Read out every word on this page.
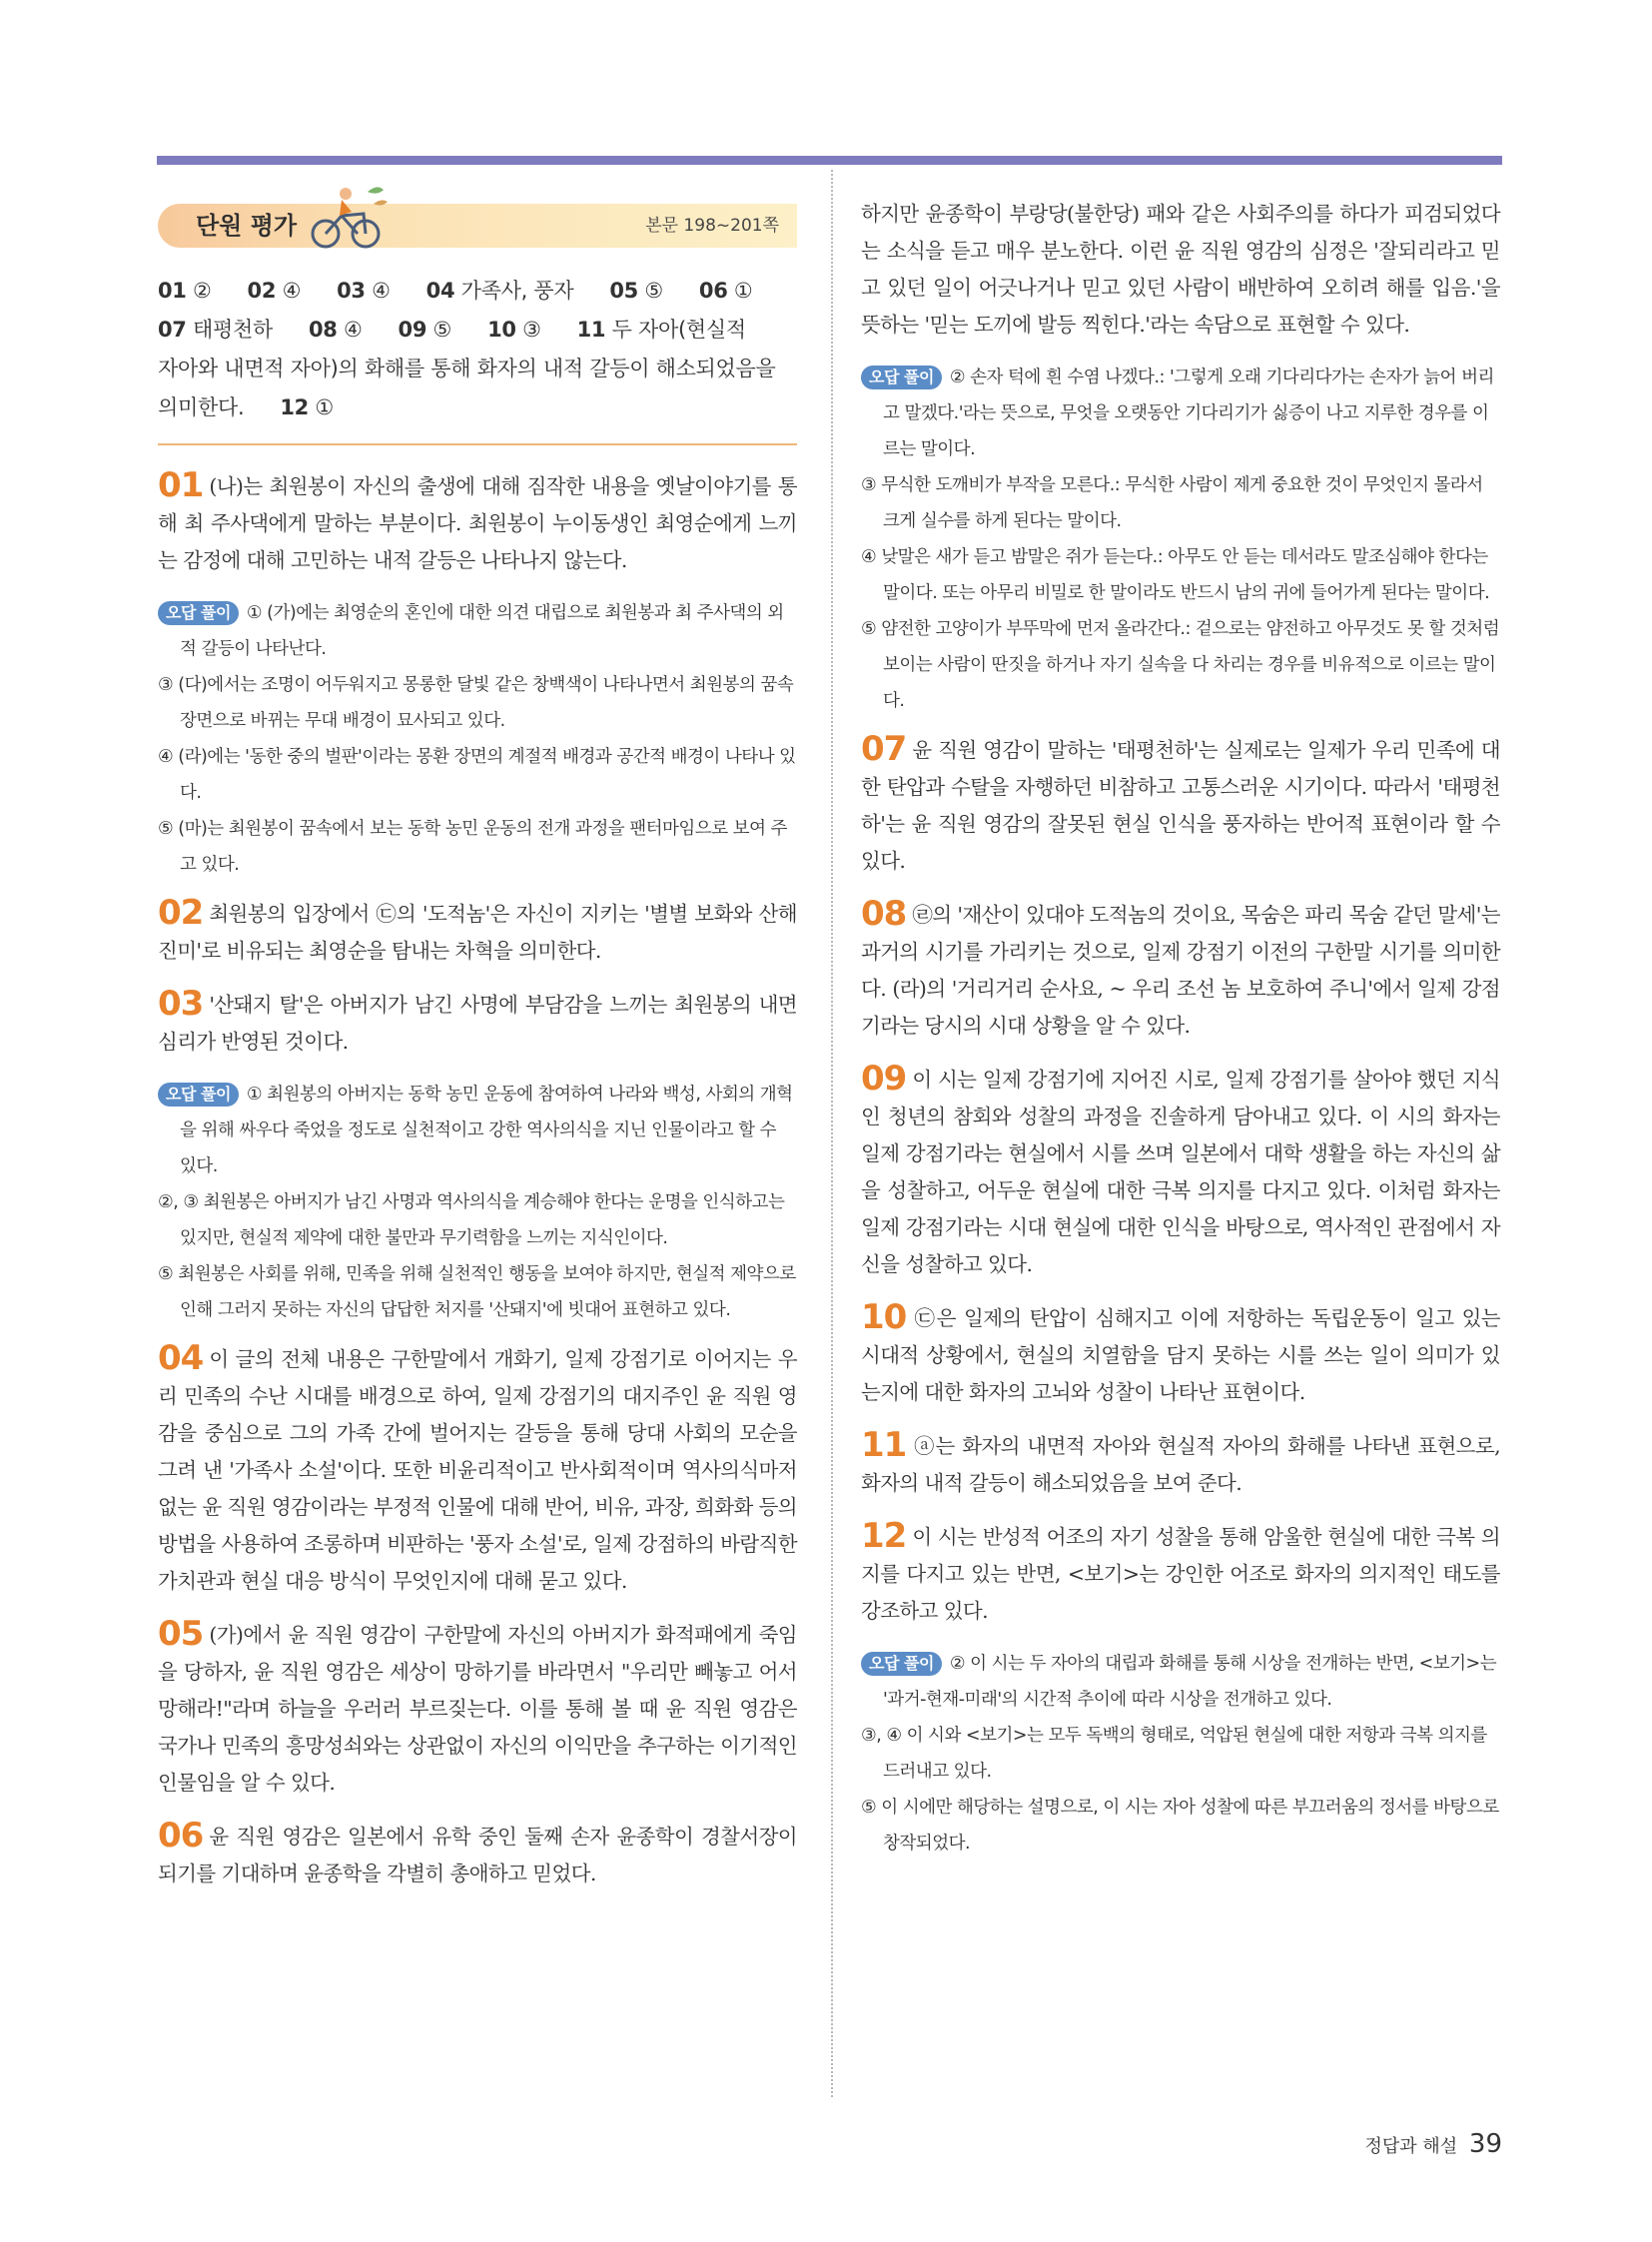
단원 평가	본문 198~201쪽
01 ② 02 ④ 03 ④ 04 가족사, 풍자 05 ⑤ 06 ①
07 태평천하 08 ④ 09 ⑤ 10 ③ 11 두 자아(현실적
자아와 내면적 자아)의 화해를 통해 화자의 내적 갈등이 해소되었음을
의미한다. 12 ①
01 (나)는 최원봉이 자신의 출생에 대해 짐작한 내용을 옛날이야기를 통해 최 주사댁에게 말하는 부분이다. 최원봉이 누이동생인 최영순에게 느끼는 감정에 대해 고민하는 내적 갈등은 나타나지 않는다.
오답 풀이 ① (가)에는 최영순의 혼인에 대한 의견 대립으로 최원봉과 최 주사댁의 외적 갈등이 나타난다.
③ (다)에서는 조명이 어두워지고 몽롱한 달빛 같은 창백색이 나타나면서 최원봉의 꿈속 장면으로 바뀌는 무대 배경이 묘사되고 있다.
④ (라)에는 '동한 중의 벌판'이라는 몽환 장면의 계절적 배경과 공간적 배경이 나타나 있다.
⑤ (마)는 최원봉이 꿈속에서 보는 동학 농민 운동의 전개 과정을 팬터마임으로 보여 주고 있다.
02 최원봉의 입장에서 ㉢의 '도적놈'은 자신이 지키는 '별별 보화와 산해진미'로 비유되는 최영순을 탐내는 차혁을 의미한다.
03 '산돼지 탈'은 아버지가 남긴 사명에 부담감을 느끼는 최원봉의 내면 심리가 반영된 것이다.
오답 풀이 ① 최원봉의 아버지는 동학 농민 운동에 참여하여 나라와 백성, 사회의 개혁을 위해 싸우다 죽었을 정도로 실천적이고 강한 역사의식을 지닌 인물이라고 할 수 있다.
②, ③ 최원봉은 아버지가 남긴 사명과 역사의식을 계승해야 한다는 운명을 인식하고는 있지만, 현실적 제약에 대한 불만과 무기력함을 느끼는 지식인이다.
⑤ 최원봉은 사회를 위해, 민족을 위해 실천적인 행동을 보여야 하지만, 현실적 제약으로 인해 그러지 못하는 자신의 답답한 처지를 '산돼지'에 빗대어 표현하고 있다.
04 이 글의 전체 내용은 구한말에서 개화기, 일제 강점기로 이어지는 우리 민족의 수난 시대를 배경으로 하여, 일제 강점기의 대지주인 윤 직원 영감을 중심으로 그의 가족 간에 벌어지는 갈등을 통해 당대 사회의 모순을 그려 낸 '가족사 소설'이다. 또한 비윤리적이고 반사회적이며 역사의식마저 없는 윤 직원 영감이라는 부정적 인물에 대해 반어, 비유, 과장, 희화화 등의 방법을 사용하여 조롱하며 비판하는 '풍자 소설'로, 일제 강점하의 바람직한 가치관과 현실 대응 방식이 무엇인지에 대해 묻고 있다.
05 (가)에서 윤 직원 영감이 구한말에 자신의 아버지가 화적패에게 죽임을 당하자, 윤 직원 영감은 세상이 망하기를 바라면서 "우리만 빼놓고 어서 망해라!"라며 하늘을 우러러 부르짖는다. 이를 통해 볼 때 윤 직원 영감은 국가나 민족의 흥망성쇠와는 상관없이 자신의 이익만을 추구하는 이기적인 인물임을 알 수 있다.
06 윤 직원 영감은 일본에서 유학 중인 둘째 손자 윤종학이 경찰서장이 되기를 기대하며 윤종학을 각별히 총애하고 믿었다.
하지만 윤종학이 부랑당(불한당) 패와 같은 사회주의를 하다가 피검되었다는 소식을 듣고 매우 분노한다. 이런 윤 직원 영감의 심정은 '잘되리라고 믿고 있던 일이 어긋나거나 믿고 있던 사람이 배반하여 오히려 해를 입음.'을 뜻하는 '믿는 도끼에 발등 찍힌다.'라는 속담으로 표현할 수 있다.
오답 풀이 ② 손자 턱에 흰 수염 나겠다.: '그렇게 오래 기다리다가는 손자가 늙어 버리고 말겠다.'라는 뜻으로, 무엇을 오랫동안 기다리기가 싫증이 나고 지루한 경우를 이르는 말이다.
③ 무식한 도깨비가 부작을 모른다.: 무식한 사람이 제게 중요한 것이 무엇인지 몰라서 크게 실수를 하게 된다는 말이다.
④ 낮말은 새가 듣고 밤말은 쥐가 듣는다.: 아무도 안 듣는 데서라도 말조심해야 한다는 말이다. 또는 아무리 비밀로 한 말이라도 반드시 남의 귀에 들어가게 된다는 말이다.
⑤ 얌전한 고양이가 부뚜막에 먼저 올라간다.: 겉으로는 얌전하고 아무것도 못 할 것처럼 보이는 사람이 딴짓을 하거나 자기 실속을 다 차리는 경우를 비유적으로 이르는 말이다.
07 윤 직원 영감이 말하는 '태평천하'는 실제로는 일제가 우리 민족에 대한 탄압과 수탈을 자행하던 비참하고 고통스러운 시기이다. 따라서 '태평천하'는 윤 직원 영감의 잘못된 현실 인식을 풍자하는 반어적 표현이라 할 수 있다.
08 ㉣의 '재산이 있대야 도적놈의 것이요, 목숨은 파리 목숨 같던 말세'는 과거의 시기를 가리키는 것으로, 일제 강점기 이전의 구한말 시기를 의미한다. (라)의 '거리거리 순사요, ~ 우리 조선 놈 보호하여 주니'에서 일제 강점기라는 당시의 시대 상황을 알 수 있다.
09 이 시는 일제 강점기에 지어진 시로, 일제 강점기를 살아야 했던 지식인 청년의 참회와 성찰의 과정을 진솔하게 담아내고 있다. 이 시의 화자는 일제 강점기라는 현실에서 시를 쓰며 일본에서 대학 생활을 하는 자신의 삶을 성찰하고, 어두운 현실에 대한 극복 의지를 다지고 있다. 이처럼 화자는 일제 강점기라는 시대 현실에 대한 인식을 바탕으로, 역사적인 관점에서 자신을 성찰하고 있다.
10 ㉢은 일제의 탄압이 심해지고 이에 저항하는 독립운동이 일고 있는 시대적 상황에서, 현실의 치열함을 담지 못하는 시를 쓰는 일이 의미가 있는지에 대한 화자의 고뇌와 성찰이 나타난 표현이다.
11 ⓐ는 화자의 내면적 자아와 현실적 자아의 화해를 나타낸 표현으로, 화자의 내적 갈등이 해소되었음을 보여 준다.
12 이 시는 반성적 어조의 자기 성찰을 통해 암울한 현실에 대한 극복 의지를 다지고 있는 반면, <보기>는 강인한 어조로 화자의 의지적인 태도를 강조하고 있다.
오답 풀이 ② 이 시는 두 자아의 대립과 화해를 통해 시상을 전개하는 반면, <보기>는 '과거-현재-미래'의 시간적 추이에 따라 시상을 전개하고 있다.
③, ④ 이 시와 <보기>는 모두 독백의 형태로, 억압된 현실에 대한 저항과 극복 의지를 드러내고 있다.
⑤ 이 시에만 해당하는 설명으로, 이 시는 자아 성찰에 따른 부끄러움의 정서를 바탕으로 창작되었다.
정답과 해설 39
